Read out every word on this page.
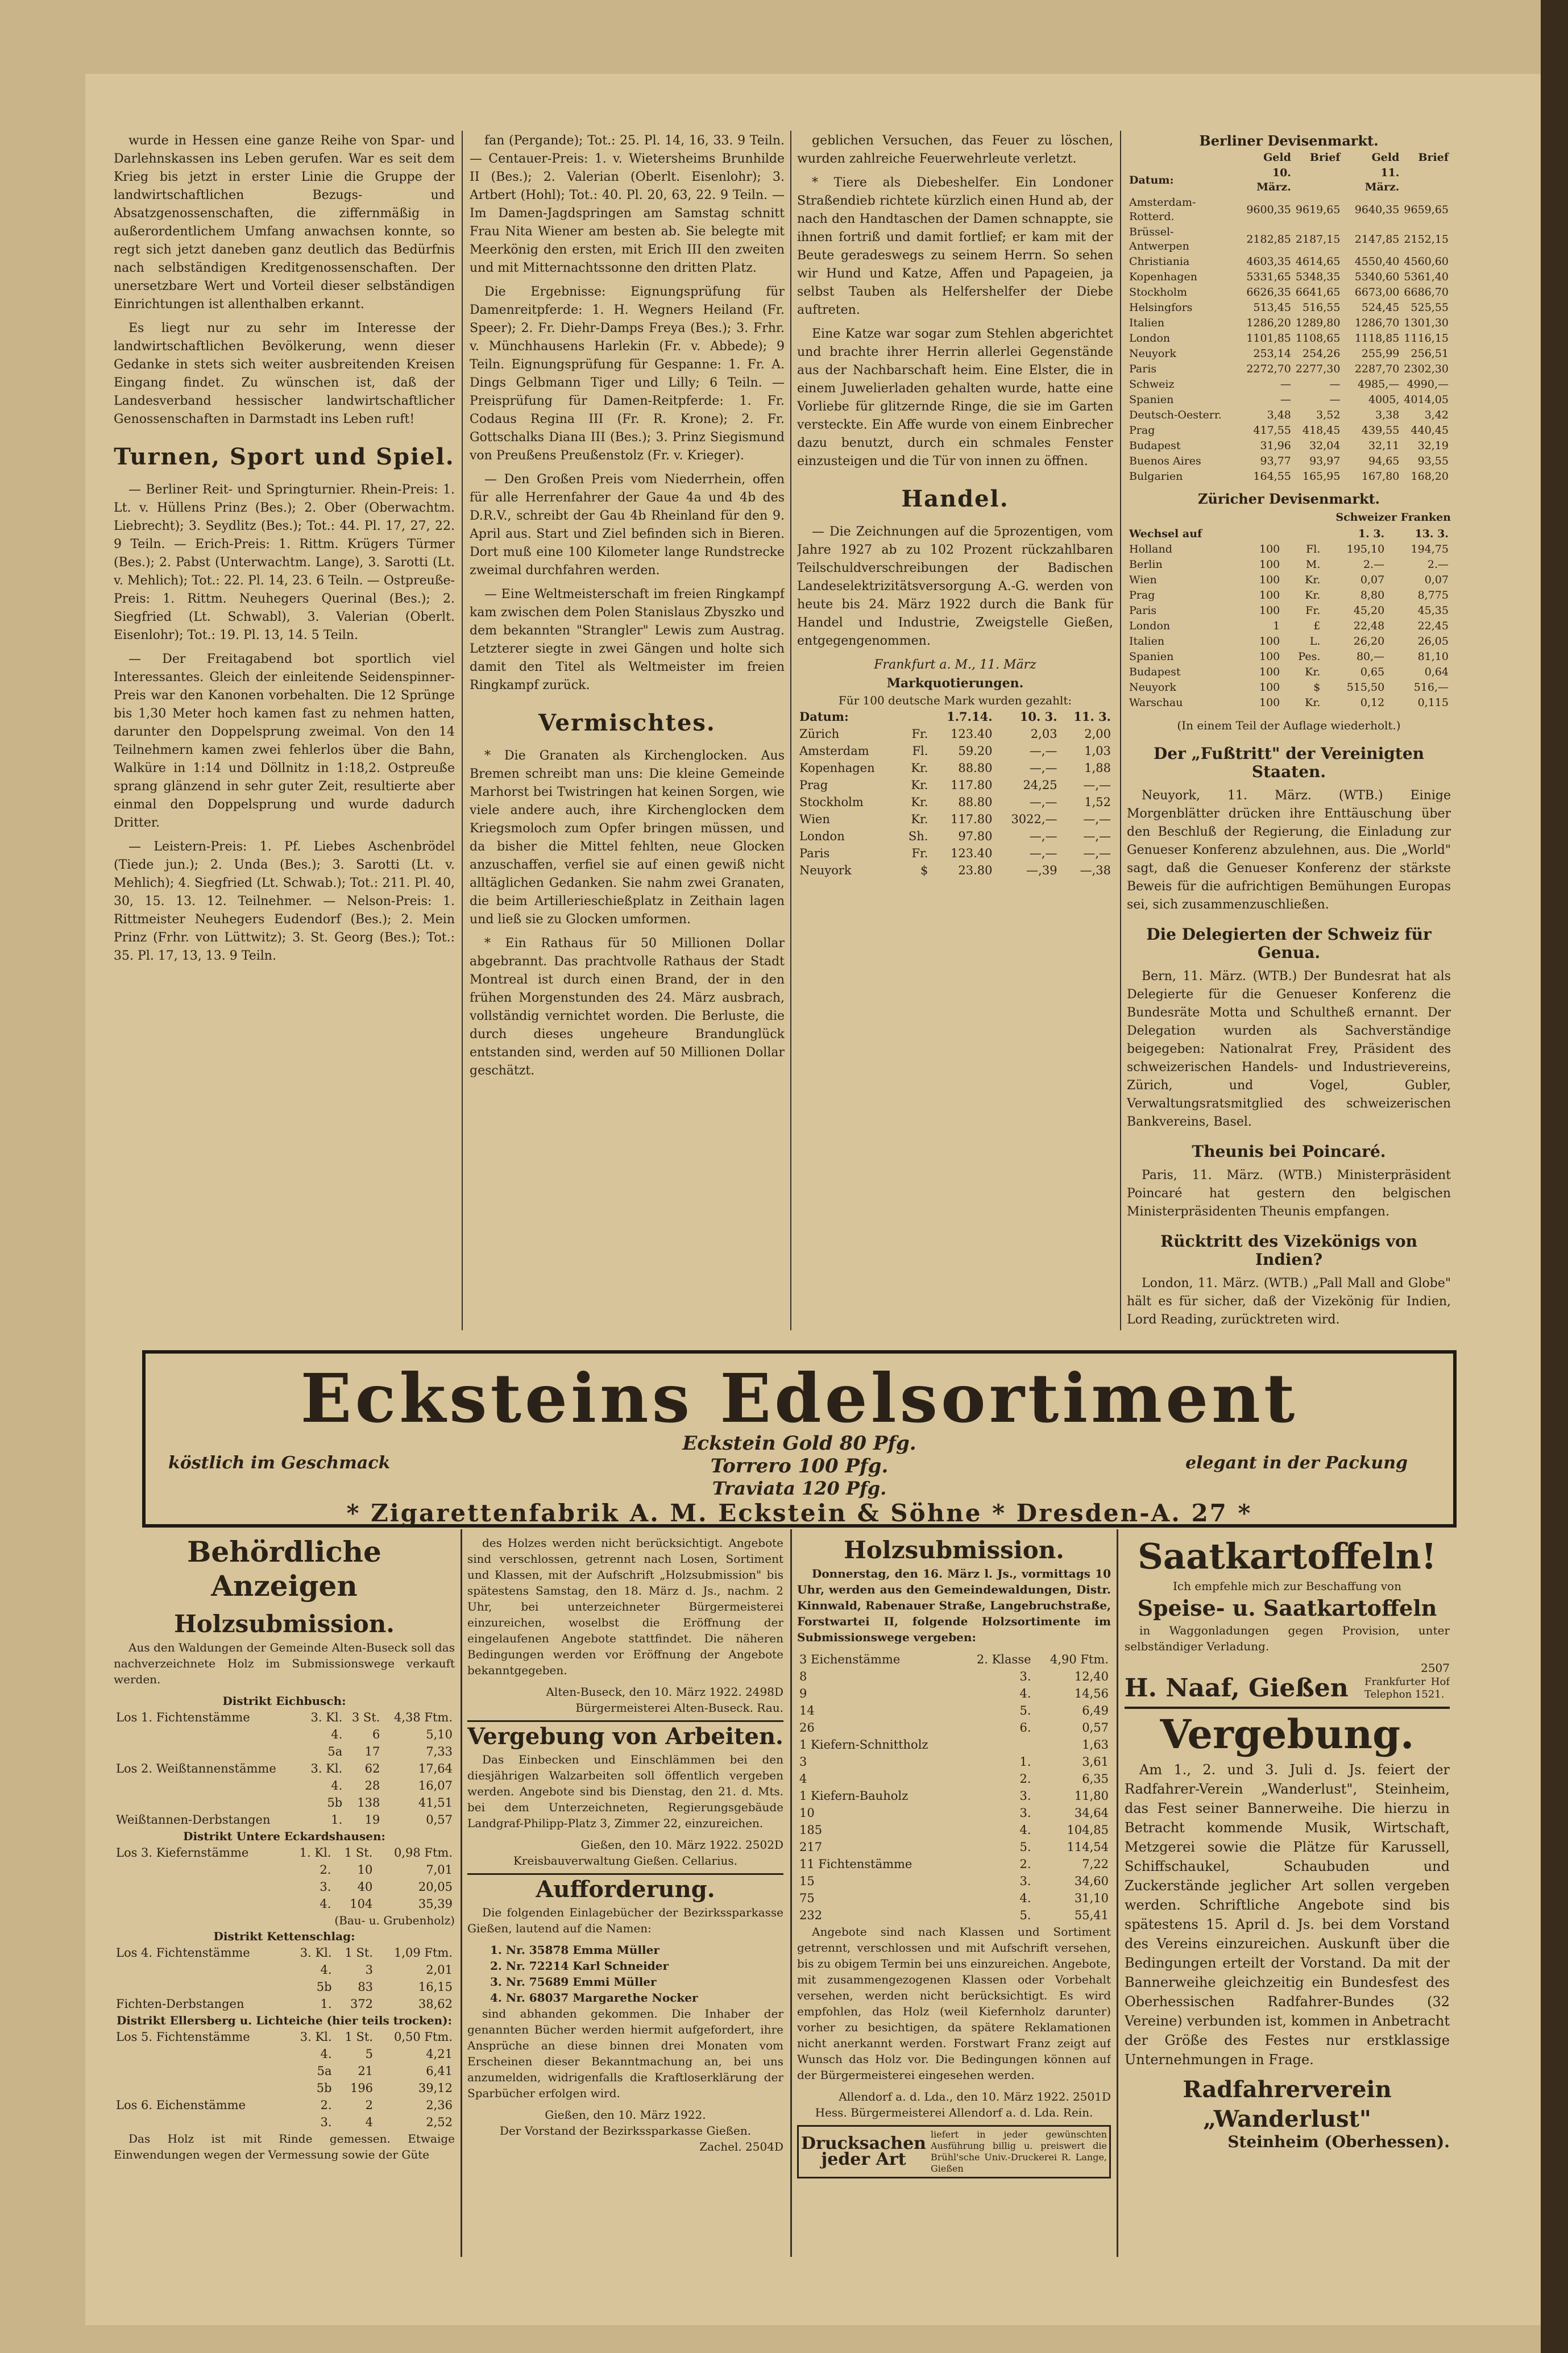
wurde in Hessen eine ganze Reihe von Spar- und Darlehnskassen ins Leben gerufen. War es seit dem Krieg bis jetzt in erster Linie die Gruppe der landwirtschaftlichen Bezugs- und Absatzgenossenschaften, die ziffernmäßig in außerordentlichem Umfang anwachsen konnte, so regt sich jetzt daneben ganz deutlich das Bedürfnis nach selbständigen Kreditgenossenschaften. Der unersetzbare Wert und Vorteil dieser selbständigen Einrichtungen ist allenthalben erkannt.

Es liegt nur zu sehr im Interesse der landwirtschaftlichen Bevölkerung, wenn dieser Gedanke in stets sich weiter ausbreitenden Kreisen Eingang findet. Zu wünschen ist, daß der Landesverband hessischer landwirtschaftlicher Genossenschaften in Darmstadt ins Leben ruft!

Turnen, Sport und Spiel.

— Berliner Reit- und Springturnier. Rhein-Preis: 1. Lt. v. Hüllens Prinz (Bes.); 2. Ober (Oberwachtm. Liebrecht); 3. Seydlitz (Bes.); Tot.: 44. Pl. 17, 27, 22. 9 Teiln. — Erich-Preis: 1. Rittm. Krügers Türmer (Bes.); 2. Pabst (Unterwachtm. Lange), 3. Sarotti (Lt. v. Mehlich); Tot.: 22. Pl. 14, 23. 6 Teiln. — Ostpreuße-Preis: 1. Rittm. Neuhegers Querinal (Bes.); 2. Siegfried (Lt. Schwabl), 3. Valerian (Oberlt. Eisenlohr); Tot.: 19. Pl. 13, 14. 5 Teiln.

— Der Freitagabend bot sportlich viel Interessantes. Gleich der einleitende Seidenspinner-Preis war den Kanonen vorbehalten. Die 12 Sprünge bis 1,30 Meter hoch kamen fast zu nehmen hatten, darunter den Doppelsprung zweimal. Von den 14 Teilnehmern kamen zwei fehlerlos über die Bahn, Walküre in 1:14 und Döllnitz in 1:18,2. Ostpreuße sprang glänzend in sehr guter Zeit, resultierte aber einmal den Doppelsprung und wurde dadurch Dritter.

— Leistern-Preis: 1. Pf. Liebes Aschenbrödel (Tiede jun.); 2. Unda (Bes.); 3. Sarotti (Lt. v. Mehlich); 4. Siegfried (Lt. Schwab.); Tot.: 211. Pl. 40, 30, 15. 13. 12. Teilnehmer. — Nelson-Preis: 1. Rittmeister Neuhegers Eudendorf (Bes.); 2. Mein Prinz (Frhr. von Lüttwitz); 3. St. Georg (Bes.); Tot.: 35. Pl. 17, 13, 13. 9 Teiln.

fan (Pergande); Tot.: 25. Pl. 14, 16, 33. 9 Teiln. — Centauer-Preis: 1. v. Wietersheims Brunhilde II (Bes.); 2. Valerian (Oberlt. Eisenlohr); 3. Artbert (Hohl); Tot.: 40. Pl. 20, 63, 22. 9 Teiln. — Im Damen-Jagdspringen am Samstag schnitt Frau Nita Wiener am besten ab. Sie belegte mit Meerkönig den ersten, mit Erich III den zweiten und mit Mitternachtssonne den dritten Platz.

Die Ergebnisse: Eignungsprüfung für Damenreitpferde: 1. H. Wegners Heiland (Fr. Speer); 2. Fr. Diehr-Damps Freya (Bes.); 3. Frhr. v. Münchhausens Harlekin (Fr. v. Abbede); 9 Teiln. Eignungsprüfung für Gespanne: 1. Fr. A. Dings Gelbmann Tiger und Lilly; 6 Teiln. — Preisprüfung für Damen-Reitpferde: 1. Fr. Codaus Regina III (Fr. R. Krone); 2. Fr. Gottschalks Diana III (Bes.); 3. Prinz Siegismund von Preußens Preußenstolz (Fr. v. Krieger).

— Den Großen Preis vom Niederrhein, offen für alle Herrenfahrer der Gaue 4a und 4b des D.R.V., schreibt der Gau 4b Rheinland für den 9. April aus. Start und Ziel befinden sich in Bieren. Dort muß eine 100 Kilometer lange Rundstrecke zweimal durchfahren werden.

— Eine Weltmeisterschaft im freien Ringkampf kam zwischen dem Polen Stanislaus Zbyszko und dem bekannten "Strangler" Lewis zum Austrag. Letzterer siegte in zwei Gängen und holte sich damit den Titel als Weltmeister im freien Ringkampf zurück.

Vermischtes.

* Die Granaten als Kirchenglocken. Aus Bremen schreibt man uns: Die kleine Gemeinde Marhorst bei Twistringen hat keinen Sorgen, wie viele andere auch, ihre Kirchenglocken dem Kriegsmoloch zum Opfer bringen müssen, und da bisher die Mittel fehlten, neue Glocken anzuschaffen, verfiel sie auf einen gewiß nicht alltäglichen Gedanken. Sie nahm zwei Granaten, die beim Artillerieschießplatz in Zeithain lagen und ließ sie zu Glocken umformen.

* Ein Rathaus für 50 Millionen Dollar abgebrannt. Das prachtvolle Rathaus der Stadt Montreal ist durch einen Brand, der in den frühen Morgenstunden des 24. März ausbrach, vollständig vernichtet worden. Die Berluste, die durch dieses ungeheure Brandunglück entstanden sind, werden auf 50 Millionen Dollar geschätzt.

geblichen Versuchen, das Feuer zu löschen, wurden zahlreiche Feuerwehrleute verletzt.

* Tiere als Diebeshelfer. Ein Londoner Straßendieb richtete kürzlich einen Hund ab, der nach den Handtaschen der Damen schnappte, sie ihnen fortriß und damit fortlief; er kam mit der Beute geradeswegs zu seinem Herrn. So sehen wir Hund und Katze, Affen und Papageien, ja selbst Tauben als Helfershelfer der Diebe auftreten.

Eine Katze war sogar zum Stehlen abgerichtet und brachte ihrer Herrin allerlei Gegenstände aus der Nachbarschaft heim. Eine Elster, die in einem Juwelierladen gehalten wurde, hatte eine Vorliebe für glitzernde Ringe, die sie im Garten versteckte. Ein Affe wurde von einem Einbrecher dazu benutzt, durch ein schmales Fenster einzusteigen und die Tür von innen zu öffnen.

Handel.

— Die Zeichnungen auf die 5prozentigen, vom Jahre 1927 ab zu 102 Prozent rückzahlbaren Teilschuldverschreibungen der Badischen Landeselektrizitätsversorgung A.-G. werden von heute bis 24. März 1922 durch die Bank für Handel und Industrie, Zweigstelle Gießen, entgegengenommen.

Frankfurt a. M., 11. März
Markquotierungen.
Für 100 deutsche Mark wurden gezahlt:
Datum:		1.7.14.	10. 3.	11. 3.
Zürich	Fr.	123.40	2,03	2,00
Amsterdam	Fl.	59.20	—,—	1,03
Kopenhagen	Kr.	88.80	—,—	1,88
Prag	Kr.	117.80	24,25	—,—
Stockholm	Kr.	88.80	—,—	1,52
Wien	Kr.	117.80	3022,—	—,—
London	Sh.	97.80	—,—	—,—
Paris	Fr.	123.40	—,—	—,—
Neuyork	$	23.80	—,39	—,38
Berliner Devisenmarkt.
	Geld	Brief	Geld	Brief
Datum:	10. März.		11. März.	
Amsterdam-Rotterd.	9600,35	9619,65	9640,35	9659,65
Brüssel-Antwerpen	2182,85	2187,15	2147,85	2152,15
Christiania	4603,35	4614,65	4550,40	4560,60
Kopenhagen	5331,65	5348,35	5340,60	5361,40
Stockholm	6626,35	6641,65	6673,00	6686,70
Helsingfors	513,45	516,55	524,45	525,55
Italien	1286,20	1289,80	1286,70	1301,30
London	1101,85	1108,65	1118,85	1116,15
Neuyork	253,14	254,26	255,99	256,51
Paris	2272,70	2277,30	2287,70	2302,30
Schweiz	—	—	4985,—	4990,—
Spanien	—	—	4005,	4014,05
Deutsch-Oesterr.	3,48	3,52	3,38	3,42
Prag	417,55	418,45	439,55	440,45
Budapest	31,96	32,04	32,11	32,19
Buenos Aires	93,77	93,97	94,65	93,55
Bulgarien	164,55	165,95	167,80	168,20
Züricher Devisenmarkt.
Schweizer Franken
Wechsel auf			1. 3.	13. 3.
Holland	100	Fl.	195,10	194,75
Berlin	100	M.	2.—	2.—
Wien	100	Kr.	0,07	0,07
Prag	100	Kr.	8,80	8,775
Paris	100	Fr.	45,20	45,35
London	1	£	22,48	22,45
Italien	100	L.	26,20	26,05
Spanien	100	Pes.	80,—	81,10
Budapest	100	Kr.	0,65	0,64
Neuyork	100	$	515,50	516,—
Warschau	100	Kr.	0,12	0,115
(In einem Teil der Auflage wiederholt.)
Der „Fußtritt" der Vereinigten Staaten.

Neuyork, 11. März. (WTB.) Einige Morgenblätter drücken ihre Enttäuschung über den Beschluß der Regierung, die Einladung zur Genueser Konferenz abzulehnen, aus. Die „World" sagt, daß die Genueser Konferenz der stärkste Beweis für die aufrichtigen Bemühungen Europas sei, sich zusammenzuschließen.

Die Delegierten der Schweiz für Genua.

Bern, 11. März. (WTB.) Der Bundesrat hat als Delegierte für die Genueser Konferenz die Bundesräte Motta und Schultheß ernannt. Der Delegation wurden als Sachverständige beigegeben: Nationalrat Frey, Präsident des schweizerischen Handels- und Industrievereins, Zürich, und Vogel, Gubler, Verwaltungsratsmitglied des schweizerischen Bankvereins, Basel.

Theunis bei Poincaré.

Paris, 11. März. (WTB.) Ministerpräsident Poincaré hat gestern den belgischen Ministerpräsidenten Theunis empfangen.

Rücktritt des Vizekönigs von Indien?

London, 11. März. (WTB.) „Pall Mall and Globe" hält es für sicher, daß der Vizekönig für Indien, Lord Reading, zurücktreten wird.

Ecksteins Edelsortiment
köstlich im Geschmack	elegant in der Packung
Eckstein Gold 80 Pfg.
Torrero 100 Pfg.
Traviata 120 Pfg.
* Zigarettenfabrik A. M. Eckstein & Söhne * Dresden-A. 27 *
Behördliche Anzeigen
Holzsubmission.

Aus den Waldungen der Gemeinde Alten-Buseck soll das nachverzeichnete Holz im Submissionswege verkauft werden.

Distrikt Eichbusch:
Los 1. Fichtenstämme	3. Kl.	3 St.	4,38 Ftm.
	4.	6	5,10
	5a	17	7,33
Los 2. Weißtannenstämme	3. Kl.	62	17,64
	4.	28	16,07
	5b	138	41,51
Weißtannen-Derbstangen	1.	19	0,57
Distrikt Untere Eckardshausen:
Los 3. Kiefernstämme	1. Kl.	1 St.	0,98 Ftm.
	2.	10	7,01
	3.	40	20,05
	4.	104	35,39
(Bau- u. Grubenholz)
Distrikt Kettenschlag:
Los 4. Fichtenstämme	3. Kl.	1 St.	1,09 Ftm.
	4.	3	2,01
	5b	83	16,15
Fichten-Derbstangen	1.	372	38,62
Distrikt Ellersberg u. Lichteiche (hier teils trocken):
Los 5. Fichtenstämme	3. Kl.	1 St.	0,50 Ftm.
	4.	5	4,21
	5a	21	6,41
	5b	196	39,12
Los 6. Eichenstämme	2.	2	2,36
	3.	4	2,52

Das Holz ist mit Rinde gemessen. Etwaige Einwendungen wegen der Vermessung sowie der Güte

des Holzes werden nicht berücksichtigt. Angebote sind verschlossen, getrennt nach Losen, Sortiment und Klassen, mit der Aufschrift „Holzsubmission" bis spätestens Samstag, den 18. März d. Js., nachm. 2 Uhr, bei unterzeichneter Bürgermeisterei einzureichen, woselbst die Eröffnung der eingelaufenen Angebote stattfindet. Die näheren Bedingungen werden vor Eröffnung der Angebote bekanntgegeben.

Alten-Buseck, den 10. März 1922. 2498D
Bürgermeisterei Alten-Buseck. Rau.
Vergebung von Arbeiten.

Das Einbecken und Einschlämmen bei den diesjährigen Walzarbeiten soll öffentlich vergeben werden. Angebote sind bis Dienstag, den 21. d. Mts. bei dem Unterzeichneten, Regierungsgebäude Landgraf-Philipp-Platz 3, Zimmer 22, einzureichen.

Gießen, den 10. März 1922. 2502D
Kreisbauverwaltung Gießen. Cellarius.
Aufforderung.

Die folgenden Einlagebücher der Bezirkssparkasse Gießen, lautend auf die Namen:

1. Nr. 35878 Emma Müller
2. Nr. 72214 Karl Schneider
3. Nr. 75689 Emmi Müller
4. Nr. 68037 Margarethe Nocker

sind abhanden gekommen. Die Inhaber der genannten Bücher werden hiermit aufgefordert, ihre Ansprüche an diese binnen drei Monaten vom Erscheinen dieser Bekanntmachung an, bei uns anzumelden, widrigenfalls die Kraftloserklärung der Sparbücher erfolgen wird.

Gießen, den 10. März 1922.
Der Vorstand der Bezirkssparkasse Gießen.
Zachel. 2504D
Holzsubmission.

Donnerstag, den 16. März l. Js., vormittags 10 Uhr, werden aus den Gemeindewaldungen, Distr. Kinnwald, Rabenauer Straße, Langebruchstraße, Forstwartei II, folgende Holzsortimente im Submissionswege vergeben:

3 Eichenstämme	2. Klasse	4,90 Ftm.
8	3.	12,40
9	4.	14,56
14	5.	6,49
26	6.	0,57
1 Kiefern-Schnittholz		1,63
3	1.	3,61
4	2.	6,35
1 Kiefern-Bauholz	3.	11,80
10	3.	34,64
185	4.	104,85
217	5.	114,54
11 Fichtenstämme	2.	7,22
15	3.	34,60
75	4.	31,10
232	5.	55,41

Angebote sind nach Klassen und Sortiment getrennt, verschlossen und mit Aufschrift versehen, bis zu obigem Termin bei uns einzureichen. Angebote, mit zusammengezogenen Klassen oder Vorbehalt versehen, werden nicht berücksichtigt. Es wird empfohlen, das Holz (weil Kiefernholz darunter) vorher zu besichtigen, da spätere Reklamationen nicht anerkannt werden. Forstwart Franz zeigt auf Wunsch das Holz vor. Die Bedingungen können auf der Bürgermeisterei eingesehen werden.

Allendorf a. d. Lda., den 10. März 1922. 2501D
Hess. Bürgermeisterei Allendorf a. d. Lda. Rein.
Drucksachen jeder Art
liefert in jeder gewünschten Ausführung billig u. preiswert die Brühl'sche Univ.-Druckerei R. Lange, Gießen
Saatkartoffeln!
Ich empfehle mich zur Beschaffung von
Speise- u. Saatkartoffeln

in Waggonladungen gegen Provision, unter selbständiger Verladung.

2507
H. Naaf, Gießen Frankfurter Hof Telephon 1521.
Vergebung.

Am 1., 2. und 3. Juli d. Js. feiert der Radfahrer-Verein „Wanderlust", Steinheim, das Fest seiner Bannerweihe. Die hierzu in Betracht kommende Musik, Wirtschaft, Metzgerei sowie die Plätze für Karussell, Schiffschaukel, Schaubuden und Zuckerstände jeglicher Art sollen vergeben werden. Schriftliche Angebote sind bis spätestens 15. April d. Js. bei dem Vorstand des Vereins einzureichen. Auskunft über die Bedingungen erteilt der Vorstand. Da mit der Bannerweihe gleichzeitig ein Bundesfest des Oberhessischen Radfahrer-Bundes (32 Vereine) verbunden ist, kommen in Anbetracht der Größe des Festes nur erstklassige Unternehmungen in Frage.

Radfahrerverein „Wanderlust"
Steinheim (Oberhessen).
